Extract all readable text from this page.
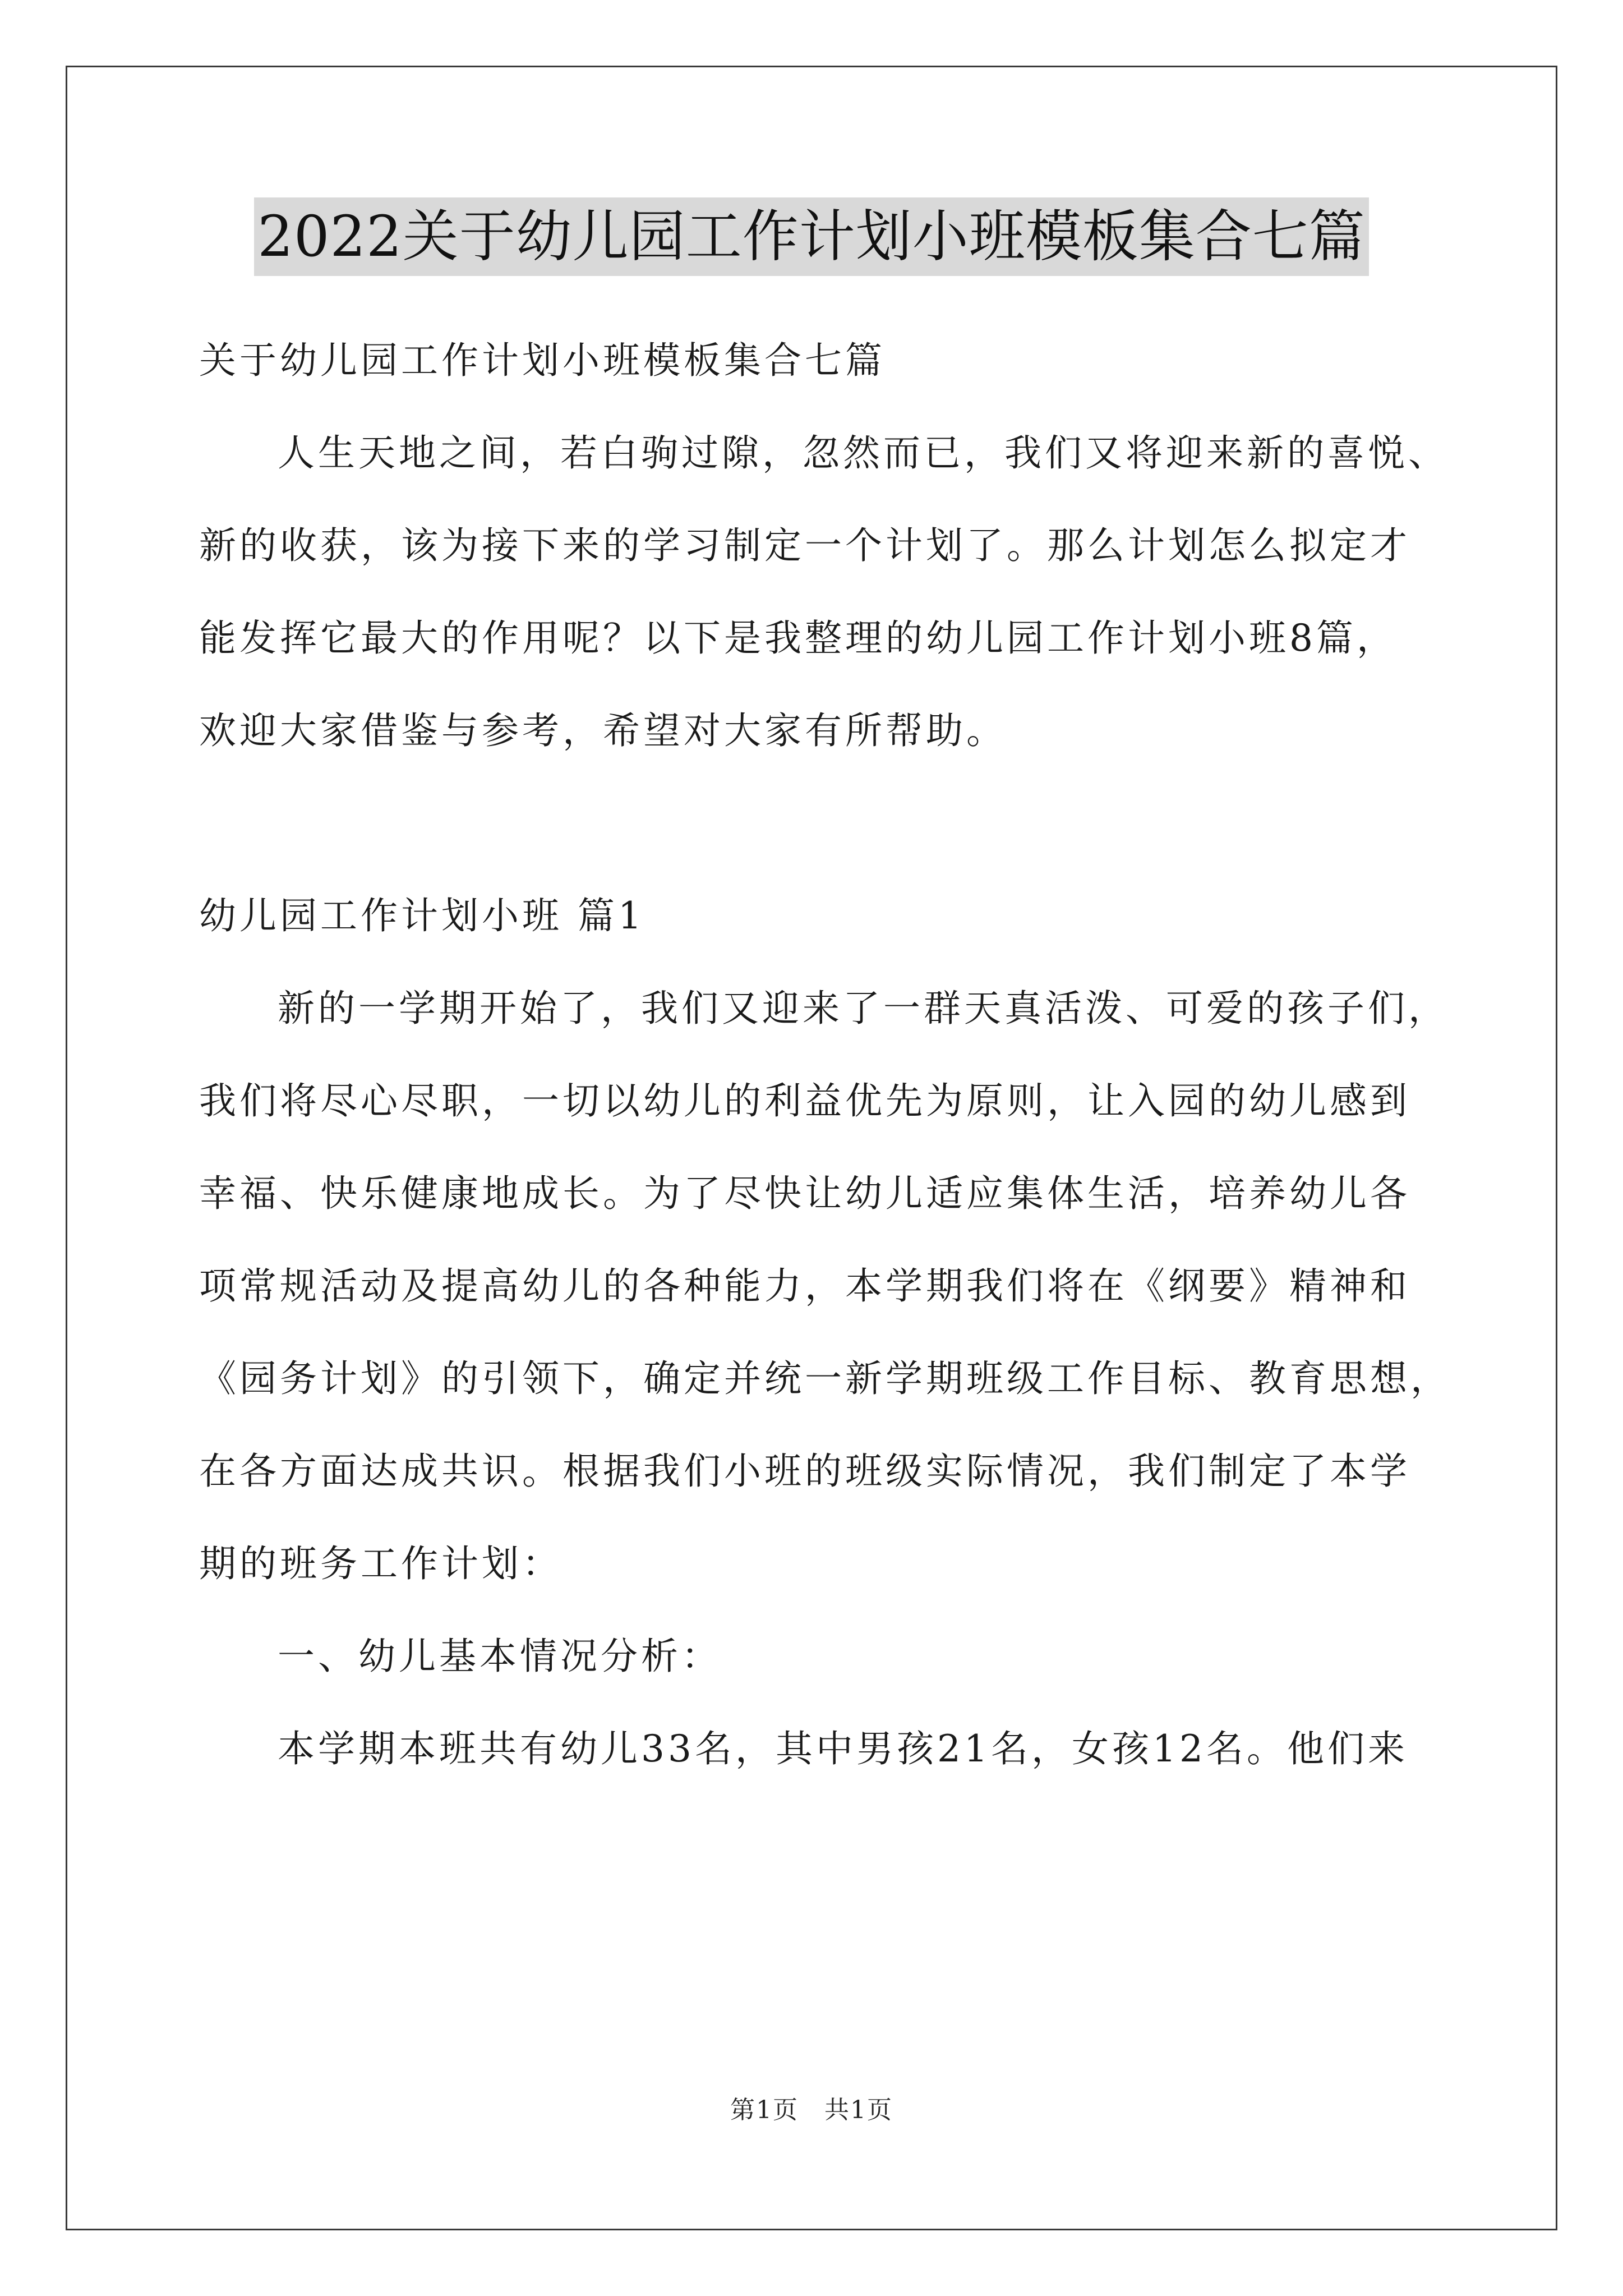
2022关于幼儿园工作计划小班模板集合七篇
关于幼儿园工作计划小班模板集合七篇
人生天地之间，若白驹过隙，忽然而已，我们又将迎来新的喜悦、
新的收获，该为接下来的学习制定一个计划了。那么计划怎么拟定才
能发挥它最大的作用呢？以下是我整理的幼儿园工作计划小班8篇，
欢迎大家借鉴与参考，希望对大家有所帮助。
幼儿园工作计划小班 篇1
新的一学期开始了，我们又迎来了一群天真活泼、可爱的孩子们，
我们将尽心尽职，一切以幼儿的利益优先为原则，让入园的幼儿感到
幸福、快乐健康地成长。为了尽快让幼儿适应集体生活，培养幼儿各
项常规活动及提高幼儿的各种能力，本学期我们将在《纲要》精神和
《园务计划》的引领下，确定并统一新学期班级工作目标、教育思想，
在各方面达成共识。根据我们小班的班级实际情况，我们制定了本学
期的班务工作计划：
一、幼儿基本情况分析：
本学期本班共有幼儿33名，其中男孩21名，女孩12名。他们来
第1页　共1页
